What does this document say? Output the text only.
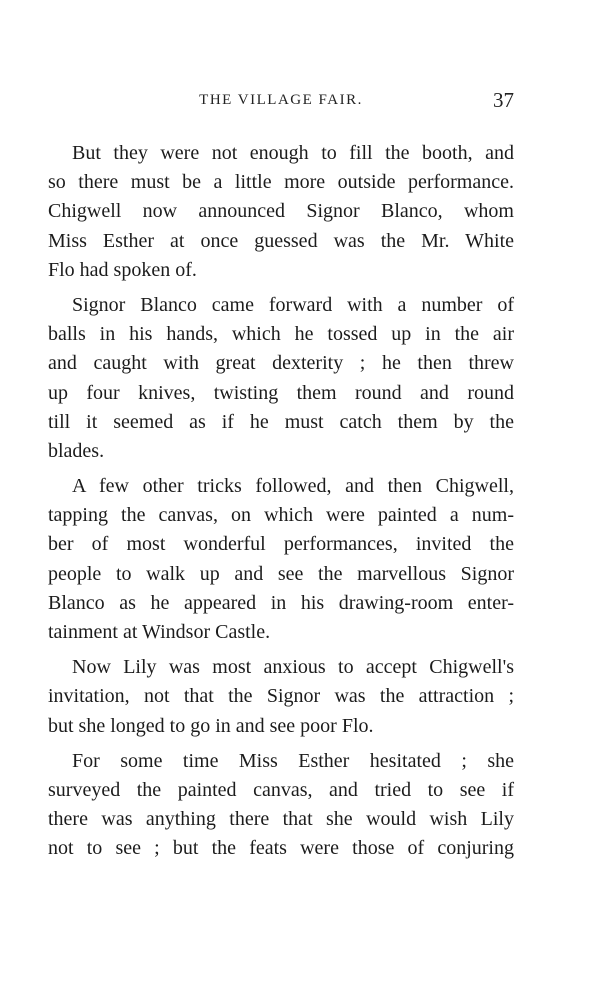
THE VILLAGE FAIR.	37
But they were not enough to fill the booth, and
so there must be a little more outside performance.
Chigwell now announced Signor Blanco, whom
Miss Esther at once guessed was the Mr. White
Flo had spoken of.
Signor Blanco came forward with a number of
balls in his hands, which he tossed up in the air
and caught with great dexterity ; he then threw
up four knives, twisting them round and round
till it seemed as if he must catch them by the
blades.
A few other tricks followed, and then Chigwell,
tapping the canvas, on which were painted a num-
ber of most wonderful performances, invited the
people to walk up and see the marvellous Signor
Blanco as he appeared in his drawing-room enter-
tainment at Windsor Castle.
Now Lily was most anxious to accept Chigwell's
invitation, not that the Signor was the attraction ;
but she longed to go in and see poor Flo.
For some time Miss Esther hesitated ; she
surveyed the painted canvas, and tried to see if
there was anything there that she would wish Lily
not to see ; but the feats were those of conjuring
